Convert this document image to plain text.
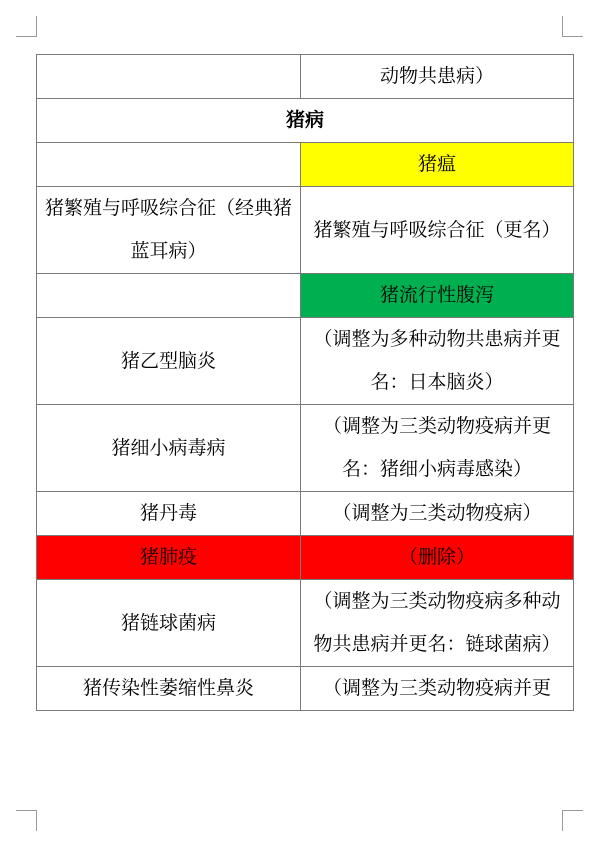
	动物共患病）
猪病	
	猪瘟
猪繁殖与呼吸综合征（经典猪蓝耳病）	猪繁殖与呼吸综合征（更名）
	猪流行性腹泻
猪乙型脑炎	（调整为多种动物共患病并更名：日本脑炎）
猪细小病毒病	（调整为三类动物疫病并更名：猪细小病毒感染）
猪丹毒	（调整为三类动物疫病）
猪肺疫	（删除）
猪链球菌病	（调整为三类动物疫病多种动物共患病并更名：链球菌病）
猪传染性萎缩性鼻炎	（调整为三类动物疫病并更
